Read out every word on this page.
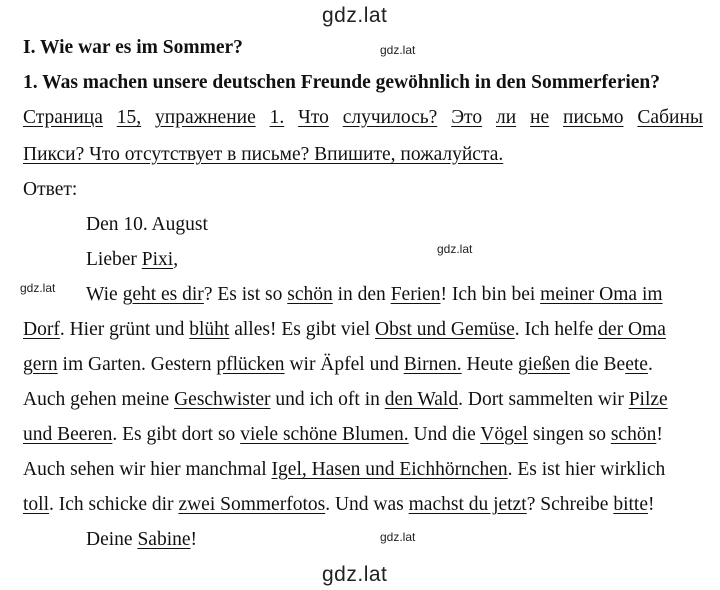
gdz.lat
gdz.lat
gdz.lat
gdz.lat
gdz.lat
gdz.lat
I. Wie war es im Sommer?
1. Was machen unsere deutschen Freunde gewöhnlich in den Sommerferien?
Страница 15, упражнение 1. Что случилось? Это ли не письмо Сабины
Пикси? Что отсутствует в письме? Впишите, пожалуйста.
Ответ:
Den 10. August
Lieber Pixi,
Wie geht es dir? Es ist so schön in den Ferien! Ich bin bei meiner Oma im
Dorf. Hier grünt und blüht alles! Es gibt viel Obst und Gemüse. Ich helfe der Oma
gern im Garten. Gestern pflücken wir Äpfel und Birnen. Heute gießen die Beete.
Auch gehen meine Geschwister und ich oft in den Wald. Dort sammelten wir Pilze
und Beeren. Es gibt dort so viele schöne Blumen. Und die Vögel singen so schön!
Auch sehen wir hier manchmal Igel, Hasen und Eichhörnchen. Es ist hier wirklich
toll. Ich schicke dir zwei Sommerfotos. Und was machst du jetzt? Schreibe bitte!
Deine Sabine!
